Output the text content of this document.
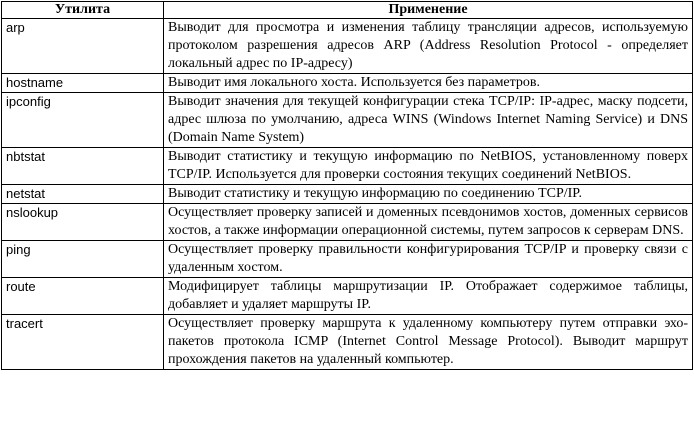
Утилита	Применение
arp	Выводит для просмотра и изменения таблицу трансляции адресов, используемую протоколом разрешения адресов ARP (Address Resolution Protocol - определяет локальный адрес по IP-адресу)
hostname	Выводит имя локального хоста. Используется без параметров.
ipconfig	Выводит значения для текущей конфигурации стека TCP/IP: IP-адрес, маску подсети, адрес шлюза по умолчанию, адреса WINS (Windows Internet Naming Service) и DNS (Domain Name System)
nbtstat	Выводит статистику и текущую информацию по NetBIOS, установленному поверх TCP/IP. Используется для проверки состояния текущих соединений NetBIOS.
netstat	Выводит статистику и текущую информацию по соединению TCP/IP.
nslookup	Осуществляет проверку записей и доменных псевдонимов хостов, доменных сервисов хостов, а также информации операционной системы, путем запросов к серверам DNS.
ping	Осуществляет проверку правильности конфигурирования TCP/IP и проверку связи с удаленным хостом.
route	Модифицирует таблицы маршрутизации IP. Отображает содержимое таблицы, добавляет и удаляет маршруты IP.
tracert	Осуществляет проверку маршрута к удаленному компьютеру путем отправки эхо-пакетов протокола ICMP (Internet Control Message Protocol). Выводит маршрут прохождения пакетов на удаленный компьютер.
